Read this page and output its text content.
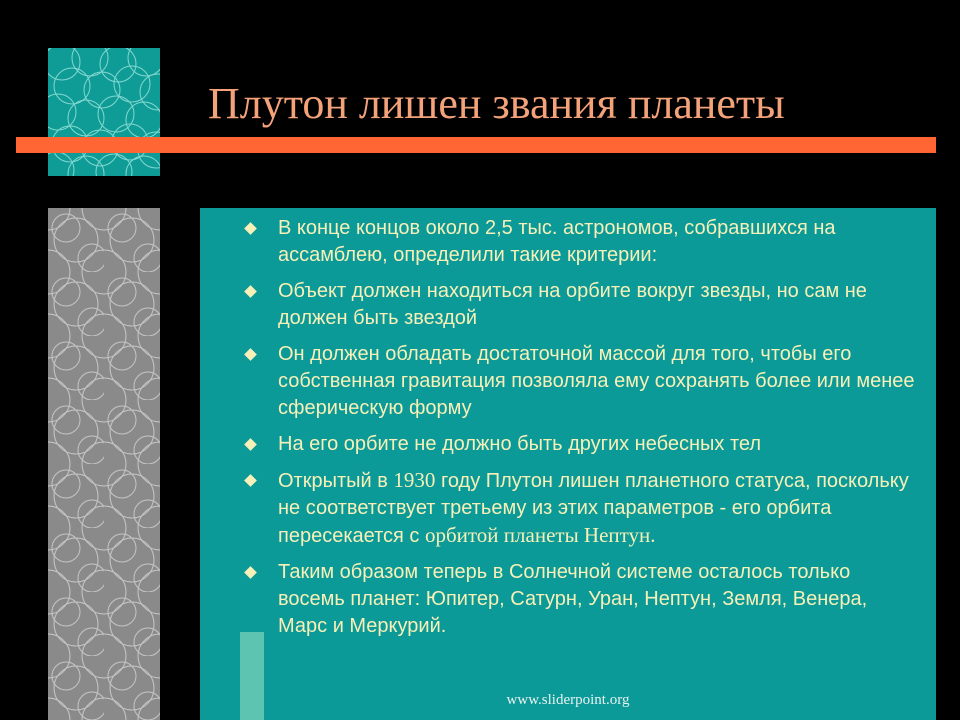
Плутон лишен звания планеты
В конце концов около 2,5 тыс. астрономов, собравшихся на ассамблею, определили такие критерии:
Объект должен находиться на орбите вокруг звезды, но сам не должен быть звездой
Он должен обладать достаточной массой для того, чтобы его собственная гравитация позволяла ему сохранять более или менее сферическую форму
На его орбите не должно быть других небесных тел
Открытый в 1930 году Плутон лишен планетного статуса, поскольку не соответствует третьему из этих параметров - его орбита пересекается с орбитой планеты Нептун.
Таким образом теперь в Солнечной системе осталось только восемь планет: Юпитер, Сатурн, Уран, Нептун, Земля, Венера, Марс и Меркурий.

www.sliderpoint.org
